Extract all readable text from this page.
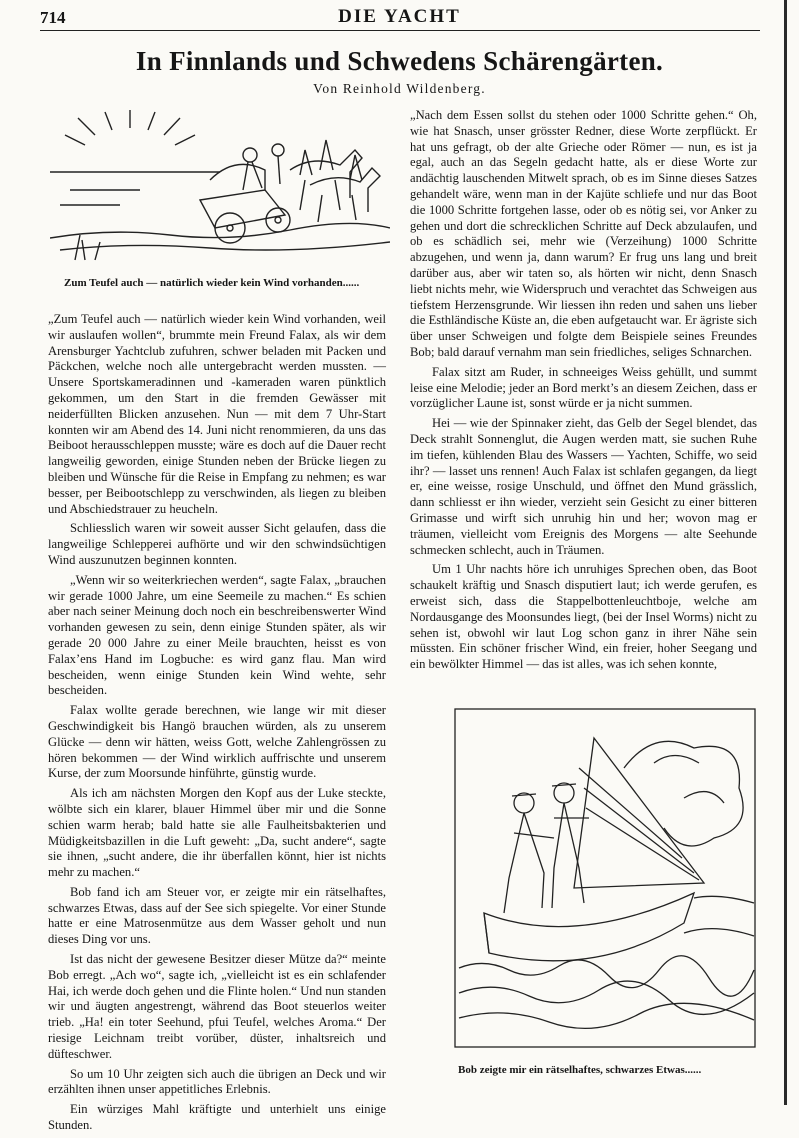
714	DIE YACHT
In Finnlands und Schwedens Schärengärten.
Von Reinhold Wildenberg.
Zum Teufel auch — natürlich wieder kein Wind vorhanden......

„Zum Teufel auch — natürlich wieder kein Wind vorhanden, weil wir auslaufen wollen“, brummte mein Freund Falax, als wir dem Arensburger Yachtclub zufuhren, schwer beladen mit Packen und Päckchen, welche noch alle untergebracht werden mussten. — Unsere Sportskameradinnen und -kameraden waren pünktlich gekommen, um den Start in die fremden Gewässer mit neiderfüllten Blicken anzusehen. Nun — mit dem 7 Uhr-Start konnten wir am Abend des 14. Juni nicht renommieren, da uns das Beiboot herausschleppen musste; wäre es doch auf die Dauer recht langweilig geworden, einige Stunden neben der Brücke liegen zu bleiben und Wünsche für die Reise in Empfang zu nehmen; es war besser, per Beibootschlepp zu verschwinden, als liegen zu bleiben und Abschiedstrauer zu heucheln.

Schliesslich waren wir soweit ausser Sicht gelaufen, dass die langweilige Schlepperei aufhörte und wir den schwindsüchtigen Wind auszunutzen beginnen konnten.

„Wenn wir so weiterkriechen werden“, sagte Falax, „brauchen wir gerade 1000 Jahre, um eine Seemeile zu machen.“ Es schien aber nach seiner Meinung doch noch ein beschreibenswerter Wind vorhanden gewesen zu sein, denn einige Stunden später, als wir gerade 20 000 Jahre zu einer Meile brauchten, heisst es von Falax’ens Hand im Logbuche: es wird ganz flau. Man wird bescheiden, wenn einige Stunden kein Wind wehte, sehr bescheiden.

Falax wollte gerade berechnen, wie lange wir mit dieser Geschwindigkeit bis Hangö brauchen würden, als zu unserem Glücke — denn wir hätten, weiss Gott, welche Zahlengrössen zu hören bekommen — der Wind wirklich auffrischte und unserem Kurse, der zum Moorsunde hinführte, günstig wurde.

Als ich am nächsten Morgen den Kopf aus der Luke steckte, wölbte sich ein klarer, blauer Himmel über mir und die Sonne schien warm herab; bald hatte sie alle Faulheitsbakterien und Müdigkeitsbazillen in die Luft geweht: „Da, sucht andere“, sagte sie ihnen, „sucht andere, die ihr überfallen könnt, hier ist nichts mehr zu machen.“

Bob fand ich am Steuer vor, er zeigte mir ein rätselhaftes, schwarzes Etwas, dass auf der See sich spiegelte. Vor einer Stunde hatte er eine Matrosenmütze aus dem Wasser geholt und nun dieses Ding vor uns.

Ist das nicht der gewesene Besitzer dieser Mütze da?“ meinte Bob erregt. „Ach wo“, sagte ich, „vielleicht ist es ein schlafender Hai, ich werde doch gehen und die Flinte holen.“ Und nun standen wir und äugten angestrengt, während das Boot steuerlos weiter trieb. „Ha! ein toter Seehund, pfui Teufel, welches Aroma.“ Der riesige Leichnam treibt vorüber, düster, inhaltsreich und düfteschwer.

So um 10 Uhr zeigten sich auch die übrigen an Deck und wir erzählten ihnen unser appetitliches Erlebnis.

Ein würziges Mahl kräftigte und unterhielt uns einige Stunden.

„Nach dem Essen sollst du stehen oder 1000 Schritte gehen.“ Oh, wie hat Snasch, unser grösster Redner, diese Worte zerpflückt. Er hat uns gefragt, ob der alte Grieche oder Römer — nun, es ist ja egal, auch an das Segeln gedacht hatte, als er diese Worte zur andächtig lauschenden Mitwelt sprach, ob es im Sinne dieses Satzes gehandelt wäre, wenn man in der Kajüte schliefe und nur das Boot die 1000 Schritte fortgehen lasse, oder ob es nötig sei, vor Anker zu gehen und dort die schrecklichen Schritte auf Deck abzulaufen, und ob es schädlich sei, mehr wie (Verzeihung) 1000 Schritte abzugehen, und wenn ja, dann warum? Er frug uns lang und breit darüber aus, aber wir taten so, als hörten wir nicht, denn Snasch liebt nichts mehr, wie Widerspruch und verachtet das Schweigen aus tiefstem Herzensgrunde. Wir liessen ihn reden und sahen uns lieber die Esthländische Küste an, die eben aufgetaucht war. Er ägriste sich über unser Schweigen und folgte dem Beispiele seines Freundes Bob; bald darauf vernahm man sein friedliches, seliges Schnarchen.

Falax sitzt am Ruder, in schneeiges Weiss gehüllt, und summt leise eine Melodie; jeder an Bord merkt’s an diesem Zeichen, dass er vorzüglicher Laune ist, sonst würde er ja nicht summen.

Hei — wie der Spinnaker zieht, das Gelb der Segel blendet, das Deck strahlt Sonnenglut, die Augen werden matt, sie suchen Ruhe im tiefen, kühlenden Blau des Wassers — Yachten, Schiffe, wo seid ihr? — lasset uns rennen! Auch Falax ist schlafen gegangen, da liegt er, eine weisse, rosige Unschuld, und öffnet den Mund grässlich, dann schliesst er ihn wieder, verzieht sein Gesicht zu einer bitteren Grimasse und wirft sich unruhig hin und her; wovon mag er träumen, vielleicht vom Ereignis des Morgens — alte Seehunde schmecken schlecht, auch in Träumen.

Um 1 Uhr nachts höre ich unruhiges Sprechen oben, das Boot schaukelt kräftig und Snasch disputiert laut; ich werde gerufen, es erweist sich, dass die Stappelbottenleuchtboje, welche am Nordausgange des Moonsundes liegt, (bei der Insel Worms) nicht zu sehen ist, obwohl wir laut Log schon ganz in ihrer Nähe sein müssten. Ein schöner frischer Wind, ein freier, hoher Seegang und ein bewölkter Himmel — das ist alles, was ich sehen konnte,

Bob zeigte mir ein rätselhaftes, schwarzes Etwas......
